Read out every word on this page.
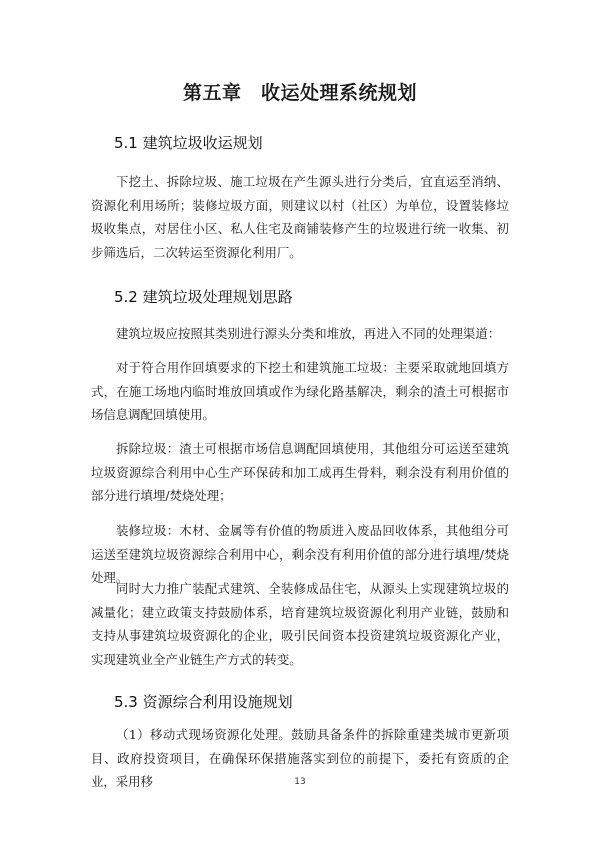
第五章　收运处理系统规划
5.1 建筑垃圾收运规划

下挖土、拆除垃圾、施工垃圾在产生源头进行分类后，宜直运至消纳、资源化利用场所；装修垃圾方面，则建议以村（社区）为单位，设置装修垃圾收集点，对居住小区、私人住宅及商铺装修产生的垃圾进行统一收集、初步筛选后，二次转运至资源化利用厂。

5.2 建筑垃圾处理规划思路

建筑垃圾应按照其类别进行源头分类和堆放，再进入不同的处理渠道：

对于符合用作回填要求的下挖土和建筑施工垃圾：主要采取就地回填方式，在施工场地内临时堆放回填或作为绿化路基解决，剩余的渣土可根据市场信息调配回填使用。

拆除垃圾：渣土可根据市场信息调配回填使用，其他组分可运送至建筑垃圾资源综合利用中心生产环保砖和加工成再生骨料，剩余没有利用价值的部分进行填埋/焚烧处理；

装修垃圾：木材、金属等有价值的物质进入废品回收体系，其他组分可运送至建筑垃圾资源综合利用中心，剩余没有利用价值的部分进行填埋/焚烧处理。

同时大力推广装配式建筑、全装修成品住宅，从源头上实现建筑垃圾的减量化；建立政策支持鼓励体系，培育建筑垃圾资源化利用产业链，鼓励和支持从事建筑垃圾资源化的企业，吸引民间资本投资建筑垃圾资源化产业，实现建筑业全产业链生产方式的转变。

5.3 资源综合利用设施规划

（1）移动式现场资源化处理。鼓励具备条件的拆除重建类城市更新项目、政府投资项目，在确保环保措施落实到位的前提下，委托有资质的企业，采用移	13
